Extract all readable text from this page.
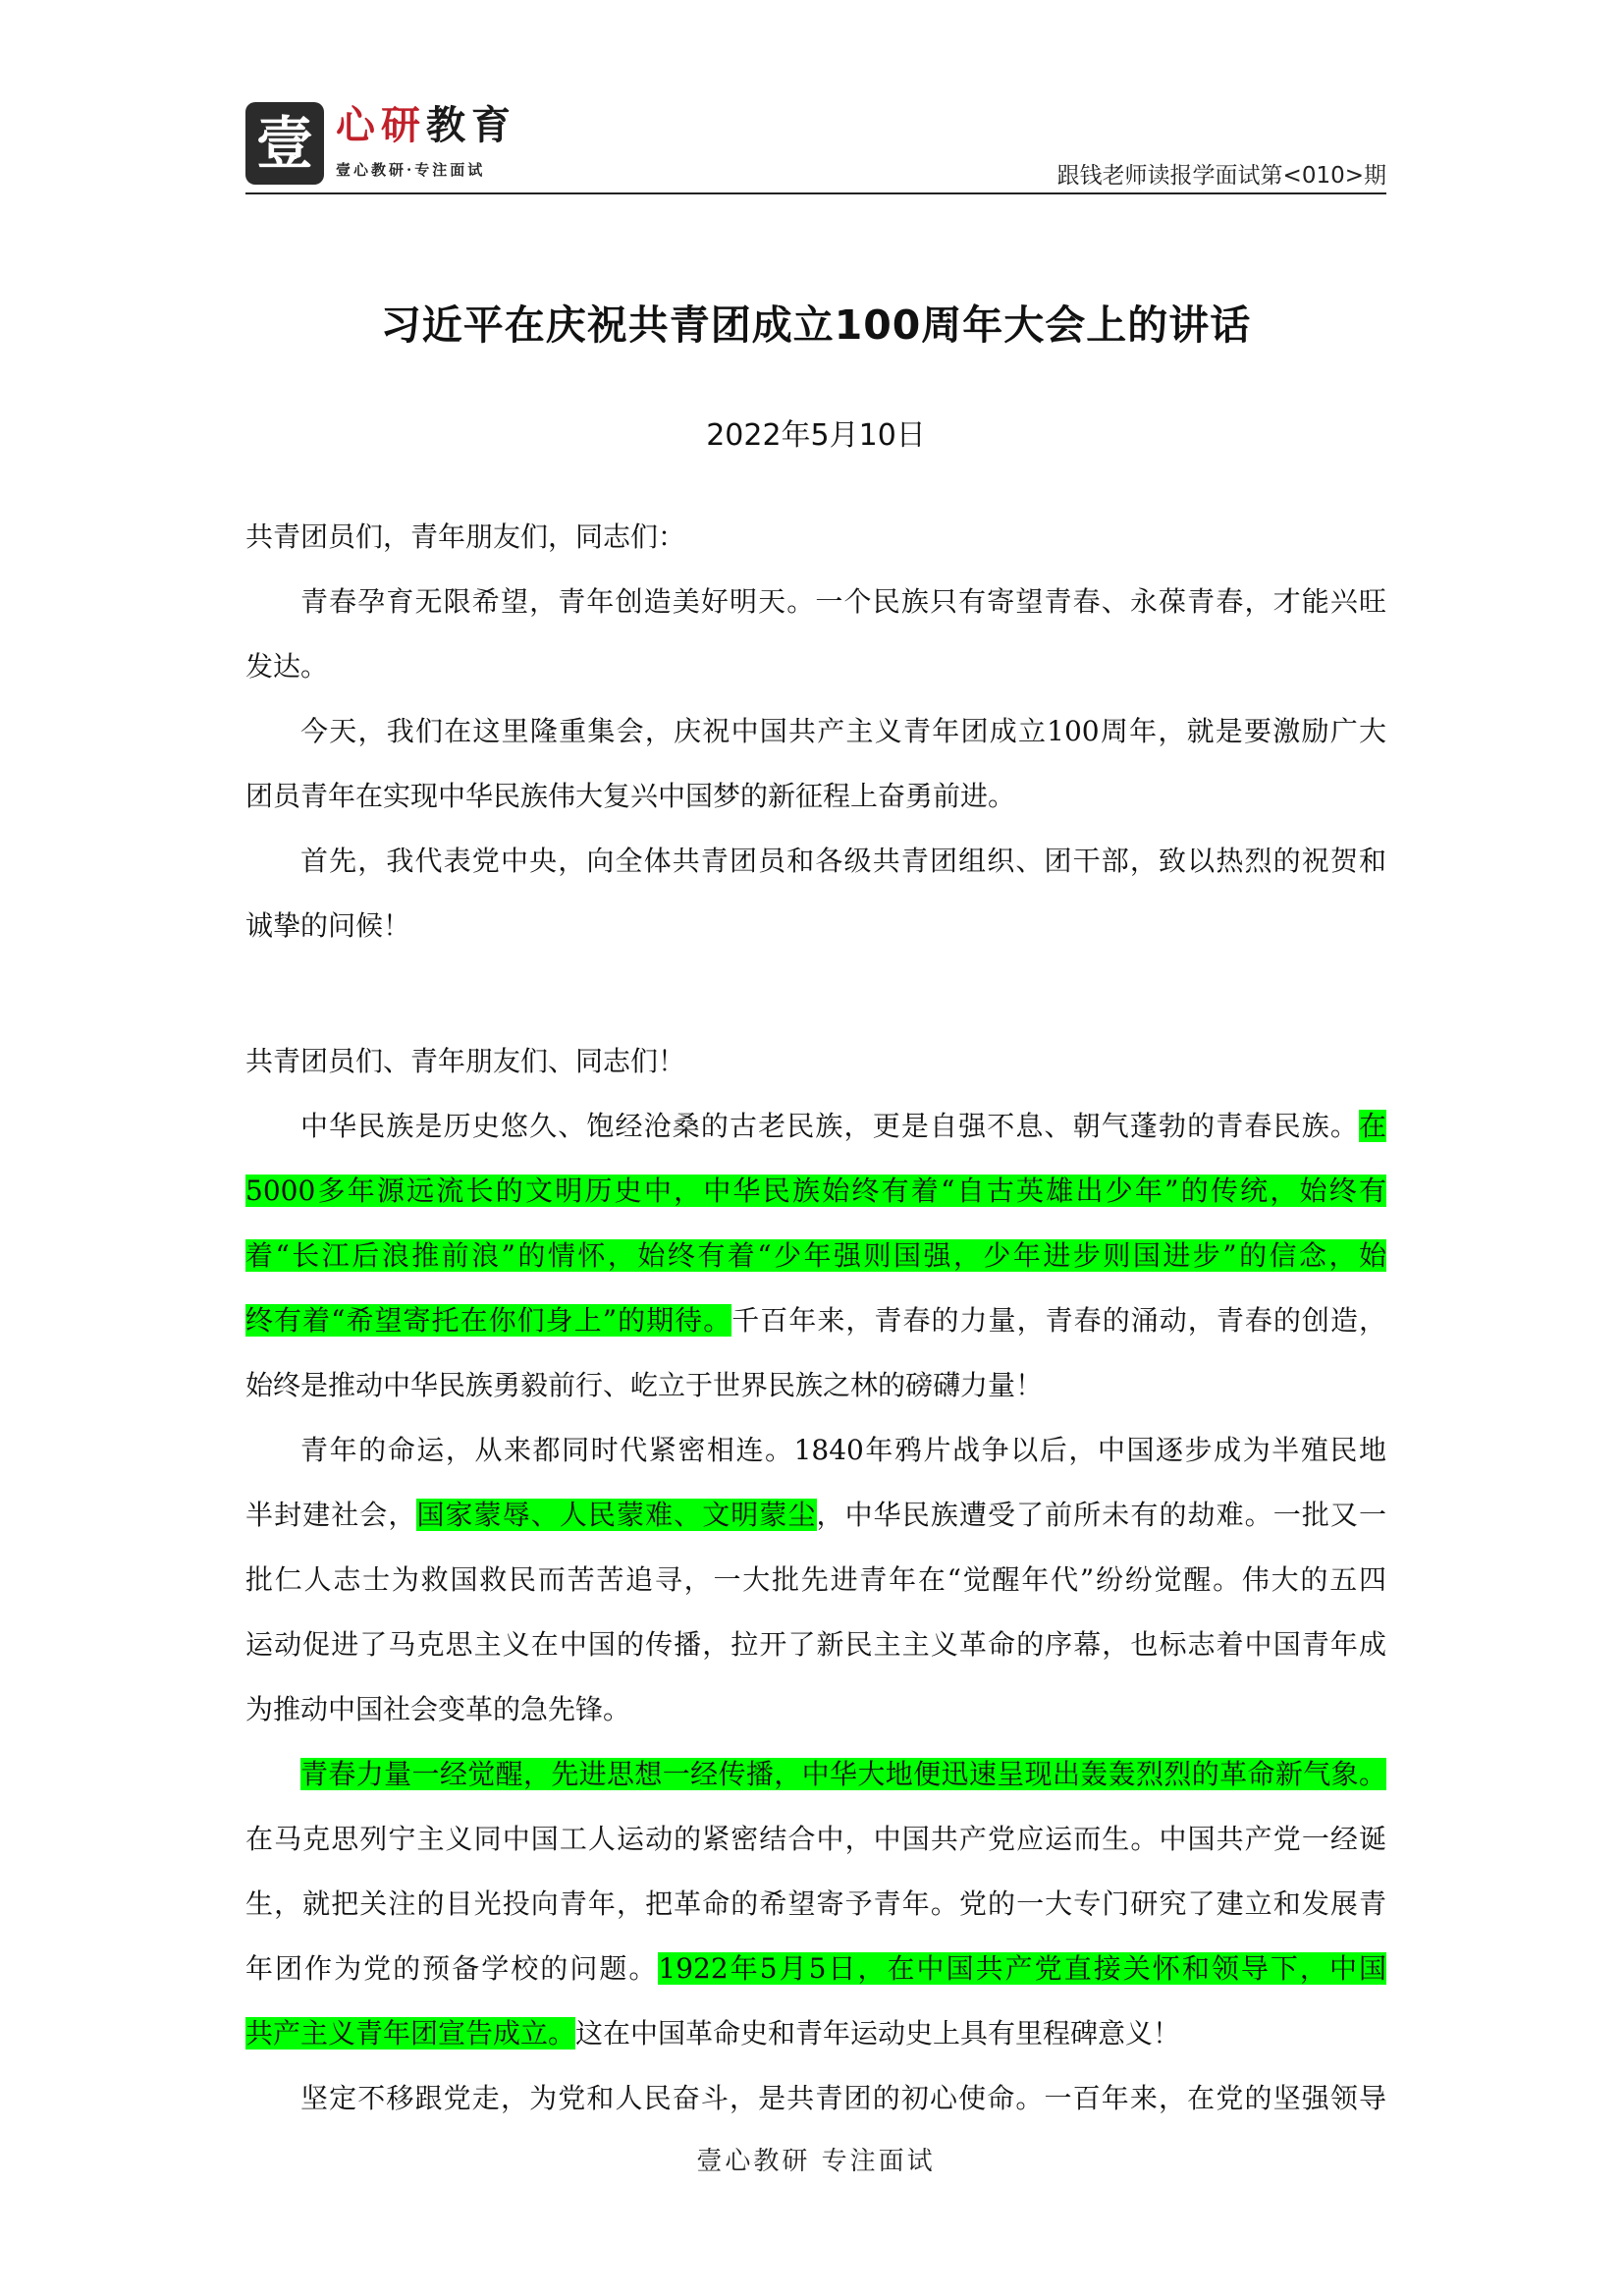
壹 心研教育
壹心教研·专注面试	跟钱老师读报学面试第<010>期
习近平在庆祝共青团成立100周年大会上的讲话
2022年5月10日
共青团员们，青年朋友们，同志们：
青春孕育无限希望，青年创造美好明天。一个民族只有寄望青春、永葆青春，才能兴旺
发达。
今天，我们在这里隆重集会，庆祝中国共产主义青年团成立100周年，就是要激励广大
团员青年在实现中华民族伟大复兴中国梦的新征程上奋勇前进。
首先，我代表党中央，向全体共青团员和各级共青团组织、团干部，致以热烈的祝贺和
诚挚的问候！
共青团员们、青年朋友们、同志们！
中华民族是历史悠久、饱经沧桑的古老民族，更是自强不息、朝气蓬勃的青春民族。在
5000多年源远流长的文明历史中，中华民族始终有着“自古英雄出少年”的传统，始终有
着“长江后浪推前浪”的情怀，始终有着“少年强则国强，少年进步则国进步”的信念，始
终有着“希望寄托在你们身上”的期待。千百年来，青春的力量，青春的涌动，青春的创造，
始终是推动中华民族勇毅前行、屹立于世界民族之林的磅礴力量！
青年的命运，从来都同时代紧密相连。1840年鸦片战争以后，中国逐步成为半殖民地
半封建社会，国家蒙辱、人民蒙难、文明蒙尘，中华民族遭受了前所未有的劫难。一批又一
批仁人志士为救国救民而苦苦追寻，一大批先进青年在“觉醒年代”纷纷觉醒。伟大的五四
运动促进了马克思主义在中国的传播，拉开了新民主主义革命的序幕，也标志着中国青年成
为推动中国社会变革的急先锋。
青春力量一经觉醒，先进思想一经传播，中华大地便迅速呈现出轰轰烈烈的革命新气象。
在马克思列宁主义同中国工人运动的紧密结合中，中国共产党应运而生。中国共产党一经诞
生，就把关注的目光投向青年，把革命的希望寄予青年。党的一大专门研究了建立和发展青
年团作为党的预备学校的问题。1922年5月5日，在中国共产党直接关怀和领导下，中国
共产主义青年团宣告成立。这在中国革命史和青年运动史上具有里程碑意义！
坚定不移跟党走，为党和人民奋斗，是共青团的初心使命。一百年来，在党的坚强领导
壹心教研 专注面试
